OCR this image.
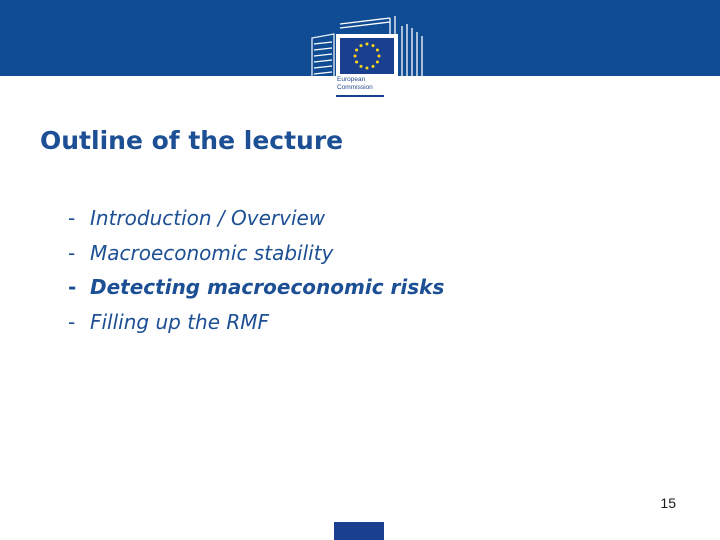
European
Commission
Outline of the lecture
- Introduction / Overview
- Macroeconomic stability
- Detecting macroeconomic risks
- Filling up the RMF
15
